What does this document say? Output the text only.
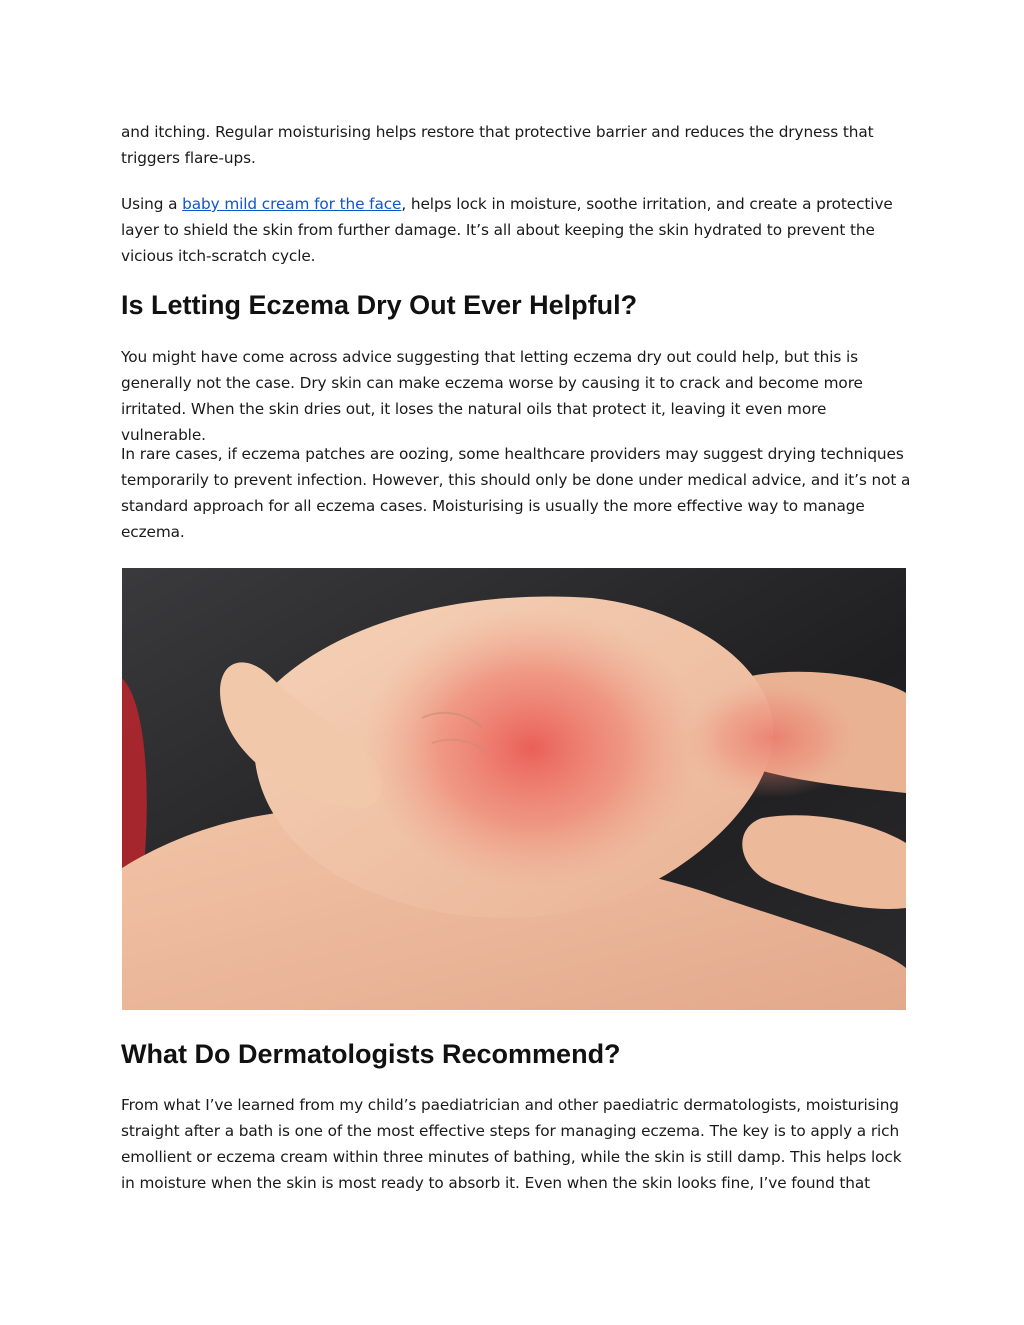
and itching. Regular moisturising helps restore that protective barrier and reduces the dryness that triggers flare-ups.

Using a baby mild cream for the face, helps lock in moisture, soothe irritation, and create a protective layer to shield the skin from further damage. It’s all about keeping the skin hydrated to prevent the vicious itch-scratch cycle.

Is Letting Eczema Dry Out Ever Helpful?

You might have come across advice suggesting that letting eczema dry out could help, but this is generally not the case. Dry skin can make eczema worse by causing it to crack and become more irritated. When the skin dries out, it loses the natural oils that protect it, leaving it even more vulnerable.

In rare cases, if eczema patches are oozing, some healthcare providers may suggest drying techniques temporarily to prevent infection. However, this should only be done under medical advice, and it’s not a standard approach for all eczema cases. Moisturising is usually the more effective way to manage eczema.

What Do Dermatologists Recommend?

From what I’ve learned from my child’s paediatrician and other paediatric dermatologists, moisturising straight after a bath is one of the most effective steps for managing eczema. The key is to apply a rich emollient or eczema cream within three minutes of bathing, while the skin is still damp. This helps lock in moisture when the skin is most ready to absorb it. Even when the skin looks fine, I’ve found that
